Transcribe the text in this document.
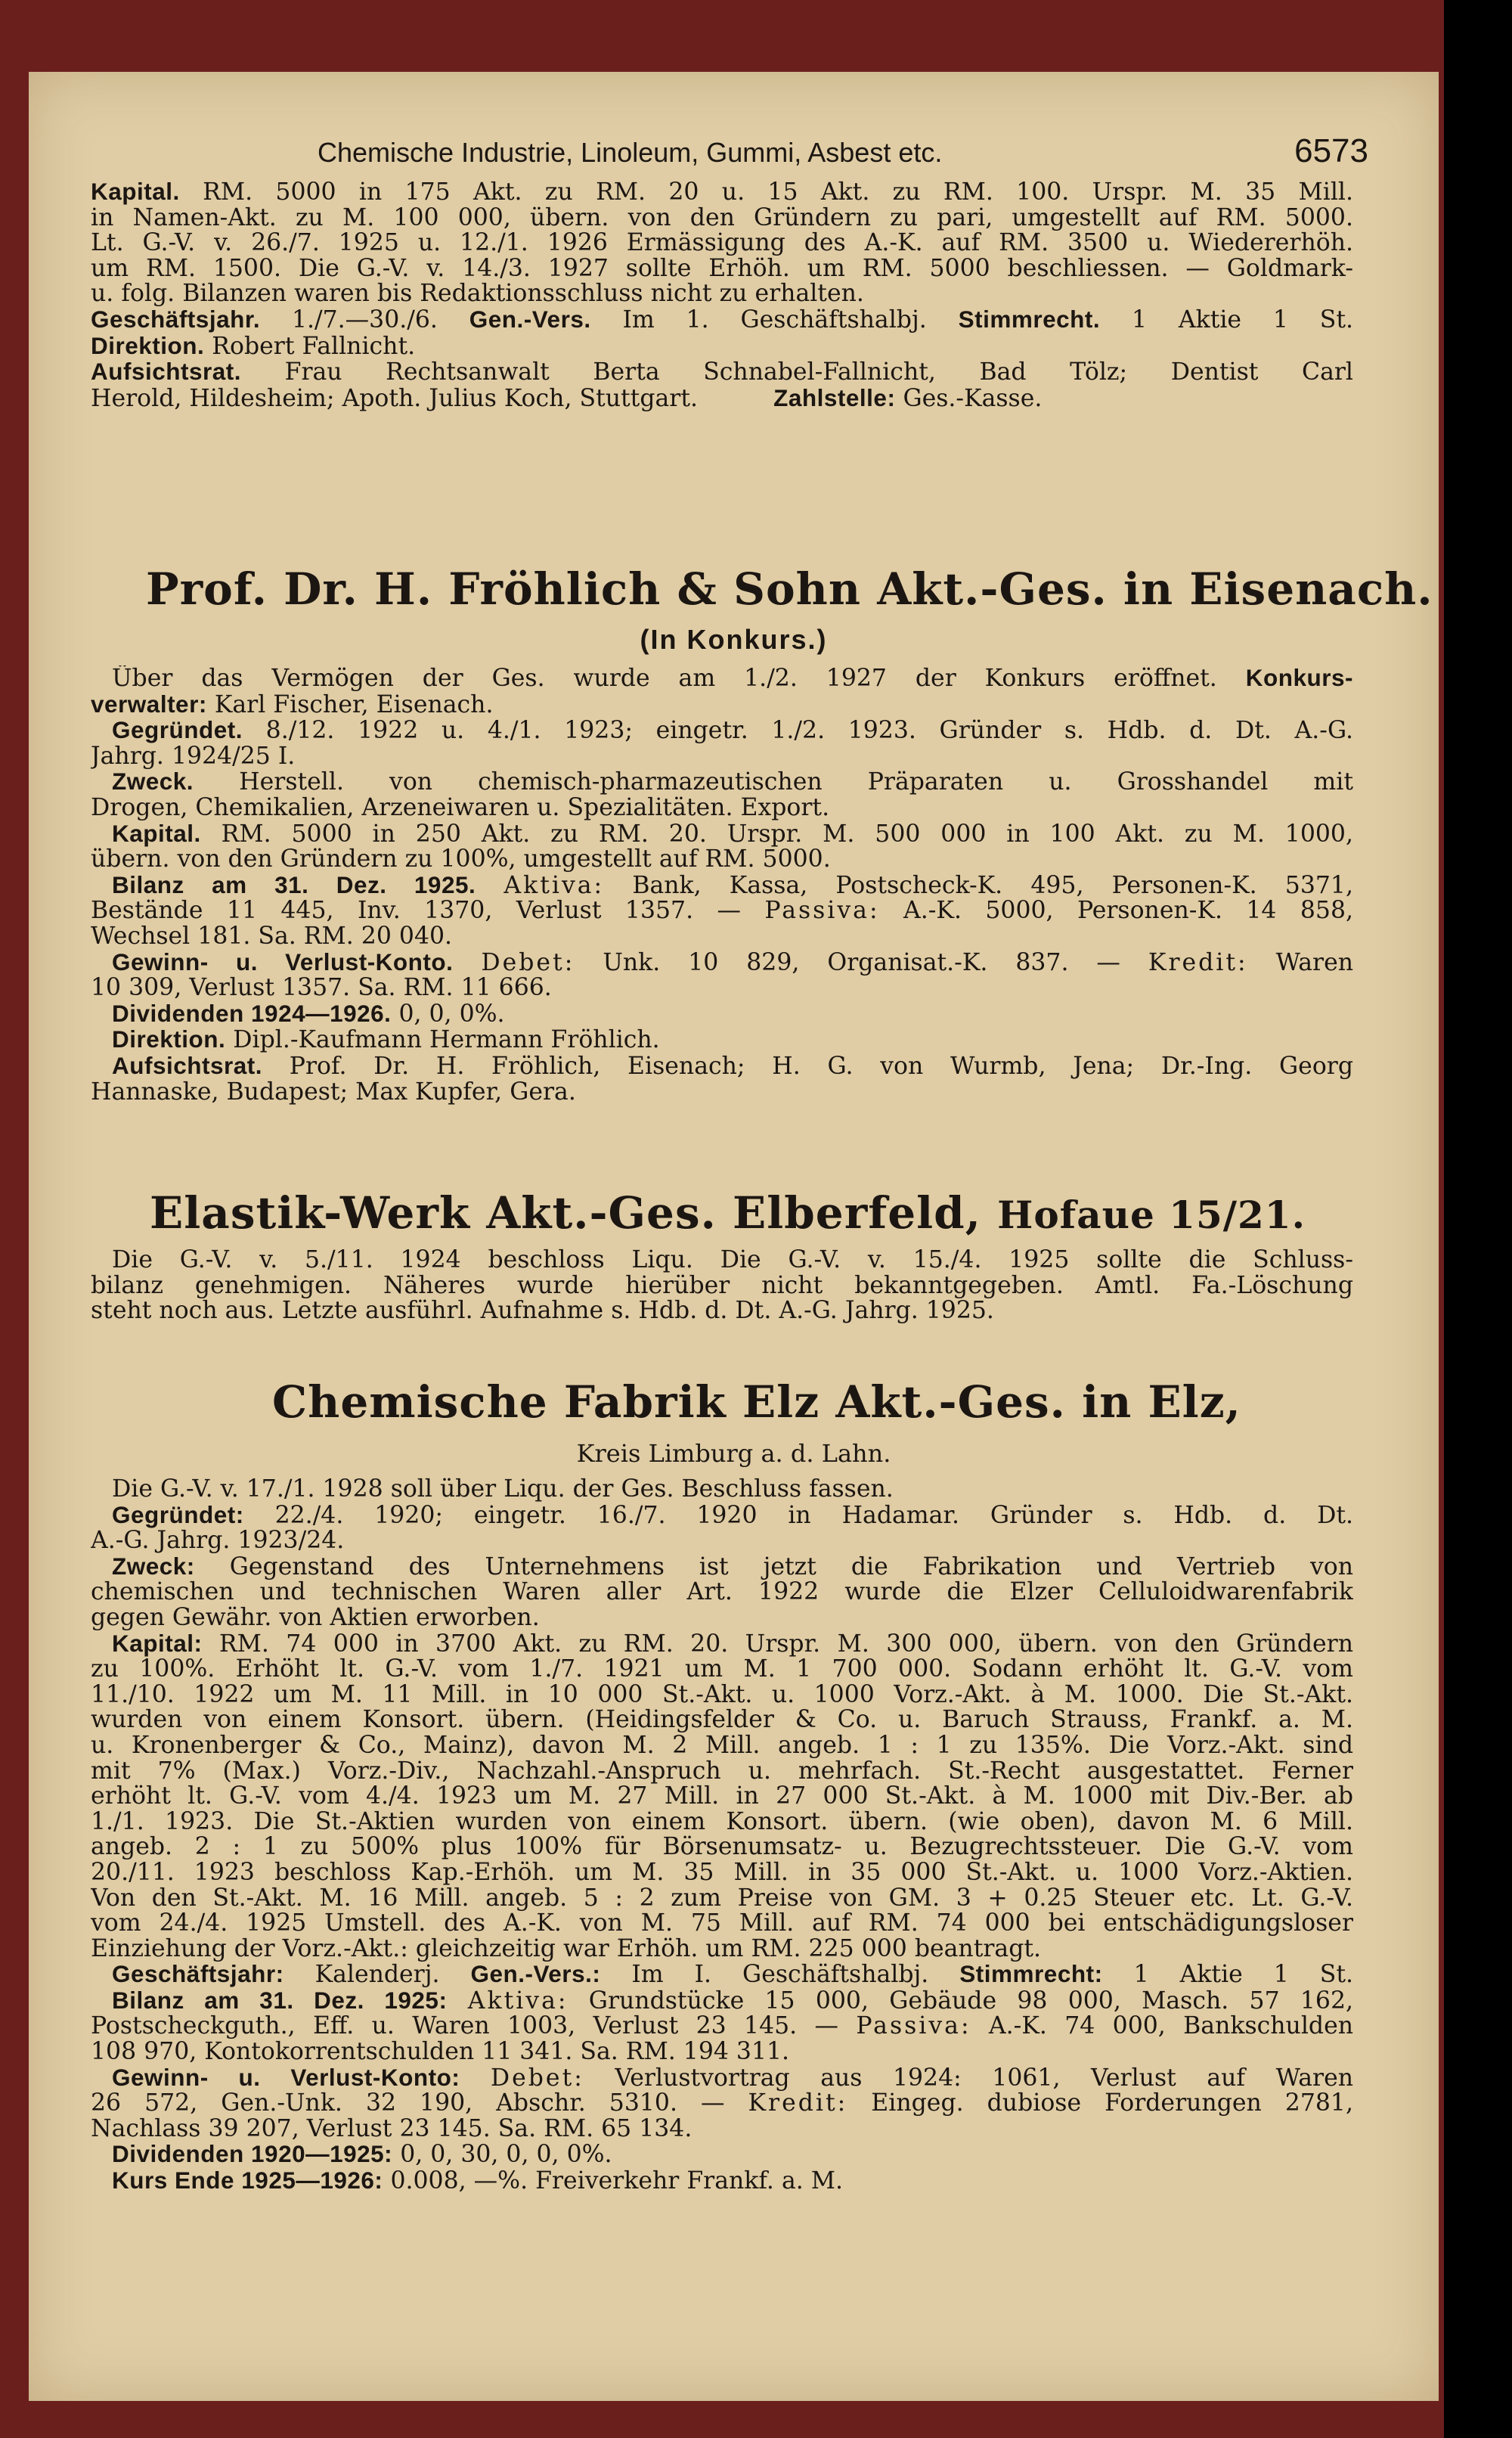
Chemische Industrie, Linoleum, Gummi, Asbest etc.	6573

Kapital. RM. 5000 in 175 Akt. zu RM. 20 u. 15 Akt. zu RM. 100. Urspr. M. 35 Mill.

in Namen-Akt. zu M. 100 000, übern. von den Gründern zu pari, umgestellt auf RM. 5000.

Lt. G.-V. v. 26./7. 1925 u. 12./1. 1926 Ermässigung des A.-K. auf RM. 3500 u. Wiedererhöh.

um RM. 1500. Die G.-V. v. 14./3. 1927 sollte Erhöh. um RM. 5000 beschliessen. — Goldmark-

u. folg. Bilanzen waren bis Redaktionsschluss nicht zu erhalten.

Geschäftsjahr. 1./7.—30./6. Gen.-Vers. Im 1. Geschäftshalbj. Stimmrecht. 1 Aktie 1 St.

Direktion. Robert Fallnicht.

Aufsichtsrat. Frau Rechtsanwalt Berta Schnabel-Fallnicht, Bad Tölz; Dentist Carl

Herold, Hildesheim; Apoth. Julius Koch, Stuttgart.	Zahlstelle: Ges.-Kasse.

Prof. Dr. H. Fröhlich & Sohn Akt.-Ges. in Eisenach.

(In Konkurs.)

Über das Vermögen der Ges. wurde am 1./2. 1927 der Konkurs eröffnet. Konkurs-

verwalter: Karl Fischer, Eisenach.

Gegründet. 8./12. 1922 u. 4./1. 1923; eingetr. 1./2. 1923. Gründer s. Hdb. d. Dt. A.-G.

Jahrg. 1924/25 I.

Zweck. Herstell. von chemisch-pharmazeutischen Präparaten u. Grosshandel mit

Drogen, Chemikalien, Arzeneiwaren u. Spezialitäten. Export.

Kapital. RM. 5000 in 250 Akt. zu RM. 20. Urspr. M. 500 000 in 100 Akt. zu M. 1000,

übern. von den Gründern zu 100%, umgestellt auf RM. 5000.

Bilanz am 31. Dez. 1925. Aktiva: Bank, Kassa, Postscheck-K. 495, Personen-K. 5371,

Bestände 11 445, Inv. 1370, Verlust 1357. — Passiva: A.-K. 5000, Personen-K. 14 858,

Wechsel 181. Sa. RM. 20 040.

Gewinn- u. Verlust-Konto. Debet: Unk. 10 829, Organisat.-K. 837. — Kredit: Waren

10 309, Verlust 1357. Sa. RM. 11 666.

Dividenden 1924—1926. 0, 0, 0%.

Direktion. Dipl.-Kaufmann Hermann Fröhlich.

Aufsichtsrat. Prof. Dr. H. Fröhlich, Eisenach; H. G. von Wurmb, Jena; Dr.-Ing. Georg

Hannaske, Budapest; Max Kupfer, Gera.

Elastik-Werk Akt.-Ges. Elberfeld, Hofaue 15/21.

Die G.-V. v. 5./11. 1924 beschloss Liqu. Die G.-V. v. 15./4. 1925 sollte die Schluss-

bilanz genehmigen. Näheres wurde hierüber nicht bekanntgegeben. Amtl. Fa.-Löschung

steht noch aus. Letzte ausführl. Aufnahme s. Hdb. d. Dt. A.-G. Jahrg. 1925.

Chemische Fabrik Elz Akt.-Ges. in Elz,

Kreis Limburg a. d. Lahn.

Die G.-V. v. 17./1. 1928 soll über Liqu. der Ges. Beschluss fassen.

Gegründet: 22./4. 1920; eingetr. 16./7. 1920 in Hadamar. Gründer s. Hdb. d. Dt.

A.-G. Jahrg. 1923/24.

Zweck: Gegenstand des Unternehmens ist jetzt die Fabrikation und Vertrieb von

chemischen und technischen Waren aller Art. 1922 wurde die Elzer Celluloidwarenfabrik

gegen Gewähr. von Aktien erworben.

Kapital: RM. 74 000 in 3700 Akt. zu RM. 20. Urspr. M. 300 000, übern. von den Gründern

zu 100%. Erhöht lt. G.-V. vom 1./7. 1921 um M. 1 700 000. Sodann erhöht lt. G.-V. vom

11./10. 1922 um M. 11 Mill. in 10 000 St.-Akt. u. 1000 Vorz.-Akt. à M. 1000. Die St.-Akt.

wurden von einem Konsort. übern. (Heidingsfelder & Co. u. Baruch Strauss, Frankf. a. M.

u. Kronenberger & Co., Mainz), davon M. 2 Mill. angeb. 1 : 1 zu 135%. Die Vorz.-Akt. sind

mit 7% (Max.) Vorz.-Div., Nachzahl.-Anspruch u. mehrfach. St.-Recht ausgestattet. Ferner

erhöht lt. G.-V. vom 4./4. 1923 um M. 27 Mill. in 27 000 St.-Akt. à M. 1000 mit Div.-Ber. ab

1./1. 1923. Die St.-Aktien wurden von einem Konsort. übern. (wie oben), davon M. 6 Mill.

angeb. 2 : 1 zu 500% plus 100% für Börsenumsatz- u. Bezugrechtssteuer. Die G.-V. vom

20./11. 1923 beschloss Kap.-Erhöh. um M. 35 Mill. in 35 000 St.-Akt. u. 1000 Vorz.-Aktien.

Von den St.-Akt. M. 16 Mill. angeb. 5 : 2 zum Preise von GM. 3 + 0.25 Steuer etc. Lt. G.-V.

vom 24./4. 1925 Umstell. des A.-K. von M. 75 Mill. auf RM. 74 000 bei entschädigungsloser

Einziehung der Vorz.-Akt.: gleichzeitig war Erhöh. um RM. 225 000 beantragt.

Geschäftsjahr: Kalenderj. Gen.-Vers.: Im I. Geschäftshalbj. Stimmrecht: 1 Aktie 1 St.

Bilanz am 31. Dez. 1925: Aktiva: Grundstücke 15 000, Gebäude 98 000, Masch. 57 162,

Postscheckguth., Eff. u. Waren 1003, Verlust 23 145. — Passiva: A.-K. 74 000, Bankschulden

108 970, Kontokorrentschulden 11 341. Sa. RM. 194 311.

Gewinn- u. Verlust-Konto: Debet: Verlustvortrag aus 1924: 1061, Verlust auf Waren

26 572, Gen.-Unk. 32 190, Abschr. 5310. — Kredit: Eingeg. dubiose Forderungen 2781,

Nachlass 39 207, Verlust 23 145. Sa. RM. 65 134.

Dividenden 1920—1925: 0, 0, 30, 0, 0, 0%.

Kurs Ende 1925—1926: 0.008, —%. Freiverkehr Frankf. a. M.
